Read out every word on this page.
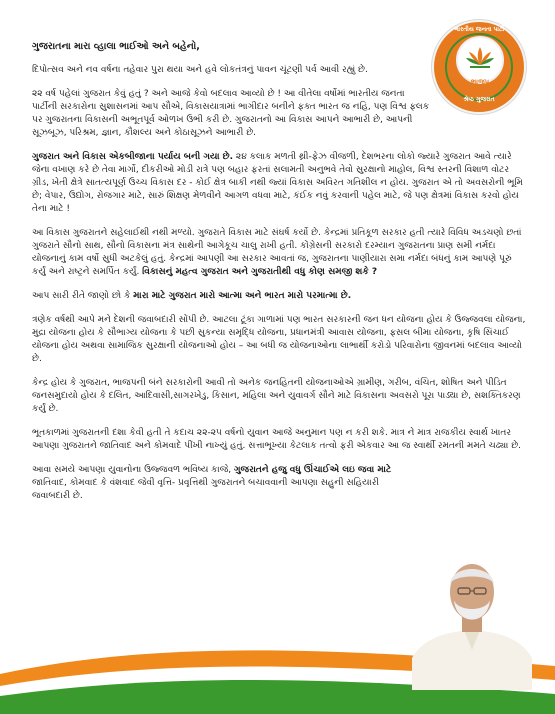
ભારતીય જનતા પાર્ટી
ભાજપ
શ્રેષ્ઠ ગુજરાત

ગુજરાતના મારા વ્હાલા ભાઈઓ અને બહેનો,

દિપોત્સવ અને નવ વર્ષના તહેવાર પુરા થયા અને હવે લોકતંત્રનું પાવન ચૂંટણી પર્વ આવી રહ્યું છે.

૨૨ વર્ષ પહેલાં ગુજરાત કેવું હતું ? અને આજે કેવો બદલાવ આવ્યો છે ! આ વીતેલા વર્ષોમાં ભારતીય જનતા પાર્ટીની સરકારોના સુશાસનમાં આપ સૌએ, વિકાસયાત્રામાં ભાગીદાર બનીને ફક્ત ભારત જ નહિ, પણ વિશ્વ ફલક પર ગુજરાતના વિકાસની અભૂતપૂર્વ ઓળખ ઉભી કરી છે. ગુજરાતનો આ વિકાસ આપને આભારી છે, આપની સૂઝબૂઝ, પરિશ્રમ, જ્ઞાન, કૌશલ્ય અને કોઠાસૂઝને આભારી છે.

ગુજરાત અને વિકાસ એકબીજાના પર્યાય બની ગયા છે. ૨૪ કલાક મળતી થ્રી-ફેઝ વીજળી, દેશભરના લોકો જ્યારે ગુજરાત આવે ત્યારે જેના વખાણ કરે છે તેવા માર્ગો, દીકરીઓ મોડી રાત્રે પણ બહાર ફરતાં સલામતી અનુભવે તેવો સુરક્ષાનો માહોલ, વિશ્વ સ્તરની વિશાળ વોટર ગ્રીડ, ખેતી ક્ષેત્રે સાતત્યપૂર્ણ ઉચ્ચ વિકાસ દર - કોઈ ક્ષેત્ર બાકી નથી જ્યાં વિકાસ અવિરત ગતિશીલ ન હોય. ગુજરાત એ તો અવસરોની ભૂમિ છે; વેપાર, ઉદ્યોગ, રોજગાર માટે, સારું શિક્ષણ મેળવીને આગળ વધવા માટે, કંઈક નવું કરવાની પહેલ માટે, જે પણ ક્ષેત્રમાં વિકાસ કરવો હોય તેના માટે !

આ વિકાસ ગુજરાતને સહેલાઈથી નથી મળ્યો. ગુજરાતે વિકાસ માટે સંઘર્ષ કર્યો છે. કેન્દ્રમાં પ્રતિકૂળ સરકાર હતી ત્યારે વિવિધ અડચણો છતાં ગુજરાતે સૌનો સાથ, સૌનો વિકાસના મંત્ર સાથેની આગેકૂચ ચાલુ રાખી હતી. કોંગ્રેસની સરકારો દરમ્યાન ગુજરાતના પ્રાણ સમી નર્મદા યોજનાનું કામ વર્ષો સુધી અટકેલું હતું. કેન્દ્રમાં આપણી આ સરકાર આવતાં જ, ગુજરાતના પાણીયારા સમા નર્મદા બંધનું કામ આપણે પૂરું કર્યું અને રાષ્ટ્રને સમર્પિત કર્યું. વિકાસનું મહત્વ ગુજરાત અને ગુજરાતીથી વધુ કોણ સમજી શકે ?

આપ સારી રીતે જાણો છો કે મારા માટે ગુજરાત મારો આત્મા અને ભારત મારો પરમાત્મા છે.

ત્રણેક વર્ષથી આપે મને દેશની જવાબદારી સોંપી છે. આટલા ટૂંકા ગાળામાં પણ ભારત સરકારની જન ધન યોજના હોય કે ઉજ્જવલા યોજના, મુદ્રા યોજના હોય કે સૌભાગ્ય યોજના કે પછી સુકન્યા સમૃદ્ધિ યોજના, પ્રધાનમંત્રી આવાસ યોજના, ફસલ બીમા યોજના, કૃષિ સિંચાઈ યોજના હોય અથવા સામાજિક સુરક્ષાની યોજનાઓ હોય – આ બધી જ યોજનાઓના લાભાર્થી કરોડો પરિવારોના જીવનમાં બદલાવ આવ્યો છે.

કેન્દ્ર હોય કે ગુજરાત, ભાજપની બંને સરકારોની આવી તો અનેક જનહિતની યોજનાઓએ ગ્રામીણ, ગરીબ, વંચિત, શોષિત અને પીડિત જનસમુદાયો હોય કે દલિત, આદિવાસી,સાગરખેડુ, કિસાન, મહિલા અને યુવાવર્ગ સૌને માટે વિકાસના અવસરો પૂરા પાડ્યા છે, સશક્તિકરણ કર્યું છે.

ભૂતકાળમાં ગુજરાતની દશા કેવી હતી તે કદાચ ૨૨-૨૫ વર્ષનો યુવાન આજે અનુમાન પણ ન કરી શકે. માત્ર ને માત્ર રાજકીય સ્વાર્થ ખાતર આપણા ગુજરાતને જાતિવાદ અને કોમવાદે પીંખી નાખ્યું હતું. સત્તાભૂખ્યા કેટલાક તત્વો ફરી એકવાર આ જ સ્વાર્થી રમતની મમતે ચઢ્યા છે.

આવા સમયે આપણા યુવાનોના ઉજ્જવળ ભવિષ્ય કાજે, ગુજરાતને હજુ વધુ ઊંચાઈએ લઇ જવા માટે જાતિવાદ, કોમવાદ કે વંશવાદ જેવી વૃત્તિ- પ્રવૃત્તિથી ગુજરાતને બચાવવાની આપણા સહુની સહિયારી જવાબદારી છે.
